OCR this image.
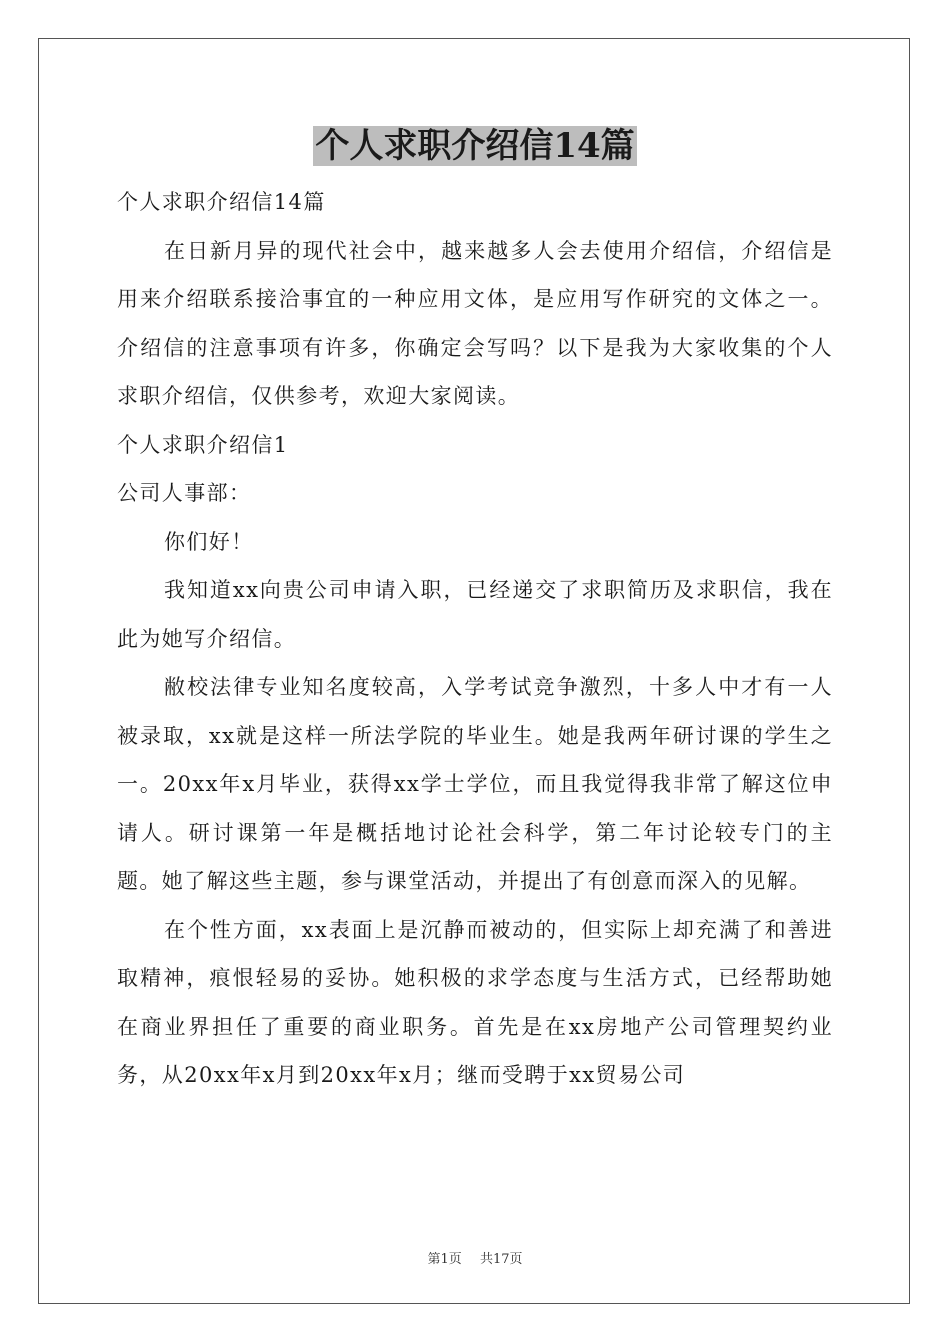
个人求职介绍信14篇

个人求职介绍信14篇

在日新月异的现代社会中，越来越多人会去使用介绍信，介绍信是用来介绍联系接洽事宜的一种应用文体，是应用写作研究的文体之一。介绍信的注意事项有许多，你确定会写吗？以下是我为大家收集的个人求职介绍信，仅供参考，欢迎大家阅读。

个人求职介绍信1

公司人事部：

你们好！

我知道xx向贵公司申请入职，已经递交了求职简历及求职信，我在此为她写介绍信。

敝校法律专业知名度较高，入学考试竞争激烈，十多人中才有一人被录取，xx就是这样一所法学院的毕业生。她是我两年研讨课的学生之一。20xx年x月毕业，获得xx学士学位，而且我觉得我非常了解这位申请人。研讨课第一年是概括地讨论社会科学，第二年讨论较专门的主题。她了解这些主题，参与课堂活动，并提出了有创意而深入的见解。

在个性方面，xx表面上是沉静而被动的，但实际上却充满了和善进取精神，痕恨轻易的妥协。她积极的求学态度与生活方式，已经帮助她在商业界担任了重要的商业职务。首先是在xx房地产公司管理契约业务，从20xx年x月到20xx年x月；继而受聘于xx贸易公司

第1页 共17页
